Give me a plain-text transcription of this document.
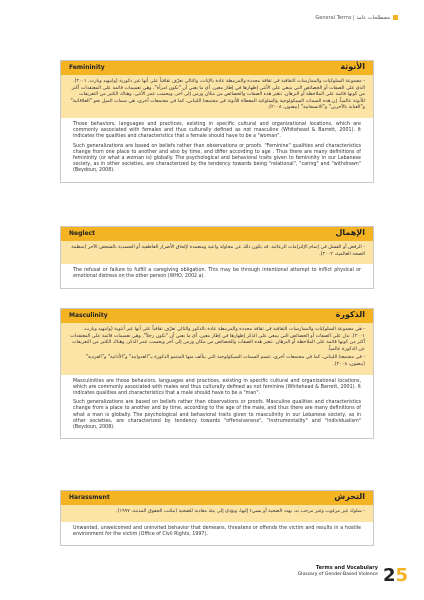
General Terms | مصطلحات عامة
Femininity	الأنوثة

- مجموعة السلوكيات والممارسات الثقافية في ثقافة محددة والمرتبطة عادة بالإناث، والتالي تعرّف ثقافياً على أنها غير ذكورية (وايتهيد وبارت، ٢٠٠١). الذي على الصفات أو الخصائص التي ينبغي على الأنثى إظهارها في إطار معين. أي ما يعني أن "تكون امرأة". وهي تعميمات قائمة على المعتقدات أكثر من كونها قائمة على الملاحظة أو البرهان. تتغير هذه الصفات والخصائص من مكان وزمن إلى آخر، ويحسب عمر الأنثى، وهناك الكثير من التعريفات للأنوثة عالمياً. إن هذه السمات السيكولوجية والسلوكية المعطاة للأنوثة في مجتمعنا اللبناني، كما في مجتمعات أخرى، هي سمات الميل نحو "العلاقاتية" و"العناية بالآخرين" و"الانسحابية" (بيضون، ٢٠٠٨).

Those behaviors, languages and practices, existing in specific cultural and organizational locations, which are commonly associated with females and thus culturally defined as not masculine (Whitehead & Barrett, 2001). It indicates the qualities and characteristics that a female should have to be a "woman".

Such generalizations are based on beliefs rather than observations or proofs. "Feminine" qualities and characteristics change from one place to another and also by time, and differ according to age . Thus there are many definitions of femininity (or what a woman is) globally. The psychological and behavioral traits given to femininity in our Lebanese society, as in other societies, are characterized by the tendency towards being "relational", "caring" and "withdrawn" (Beydoun, 2008).

Neglect	الإهمال

- الرفض أو الفشل في إتمام الإلتزامات الرعائية. قد يكون ذلك عن محاولة واعية ومتعمدة لإلحاق الأضرار العاطفية أو الجسدية بالشخص الآخر (منظمة الصحة العالمية، ٢٠٠٢).

The refusal or failure to fulfill a caregiving obligation. This may be through intentional attempt to inflict physical or emotional distress on the other person (WHO, 2002 a).

Masculinity	الذكورة

- هي مجموعة السلوكيات والممارسات الثقافية في ثقافة محددة والمرتبطة عادة بالذكور والتالي تعرّف ثقافياً على أنها غير أنثوية (وايتهيد وبارت، ٢٠٠١). تدل على الصفات أو الخصائص التي ينبغي على الذكر إظهارها في إطار معين. أي ما يعني أن "تكون رجلاً". وهي تعميمات قائمة على المعتقدات أكثر من كونها قائمة على الملاحظة أو البرهان. تتغير هذه الصفات والخصائص من مكان وزمن إلى آخر ويحسب عمر الذكر، وهناك الكثير من التعريفات عن الذكورة عالمياً.

- في مجتمعنا اللبناني، كما في مجتمعات أخرى، تتسم السمات السيكولوجية التي يتآلف منها المنتمو الذكورة بـ"العدوانية" و"الأداتية" و"الفردية" (بيضون، ٢٠٠٨).

Masculinities are those behaviors, languages and practices, existing in specific cultural and organizational locations, which are commonly associated with males and thus culturally defined as not feminine (Whitehead & Barrett, 2001). It indicates qualities and characteristics that a male should have to be a "man".

Such generalizations are based on beliefs rather than observations or proofs. Masculine qualities and characteristics change from a place to another and by time, according to the age of the male, and thus there are many definitions of what a man is globally. The psychological and behavioral traits given to masculinity in our Lebanese society, as in other societies, are characterized by tendency towards "offensiveness", "instrumentality" and "individualism" (Beydoun, 2008).

Harassment	التحرش

- سلوك غير مرغوب وغير مرحب به. يهدد الضحية أو يسيء إليها، ويؤدي إلى بيئة معادية للضحية (مكتب الحقوق المدنية، ١٩٩٧).

Unwanted, unwelcomed and uninvited behavior that demeans, threatens or offends the victim and results in a hostile environment for the victim (Office of Civil Rights, 1997).

Terms and Vocabulary
Glossary of Gender-Based Violence 25
